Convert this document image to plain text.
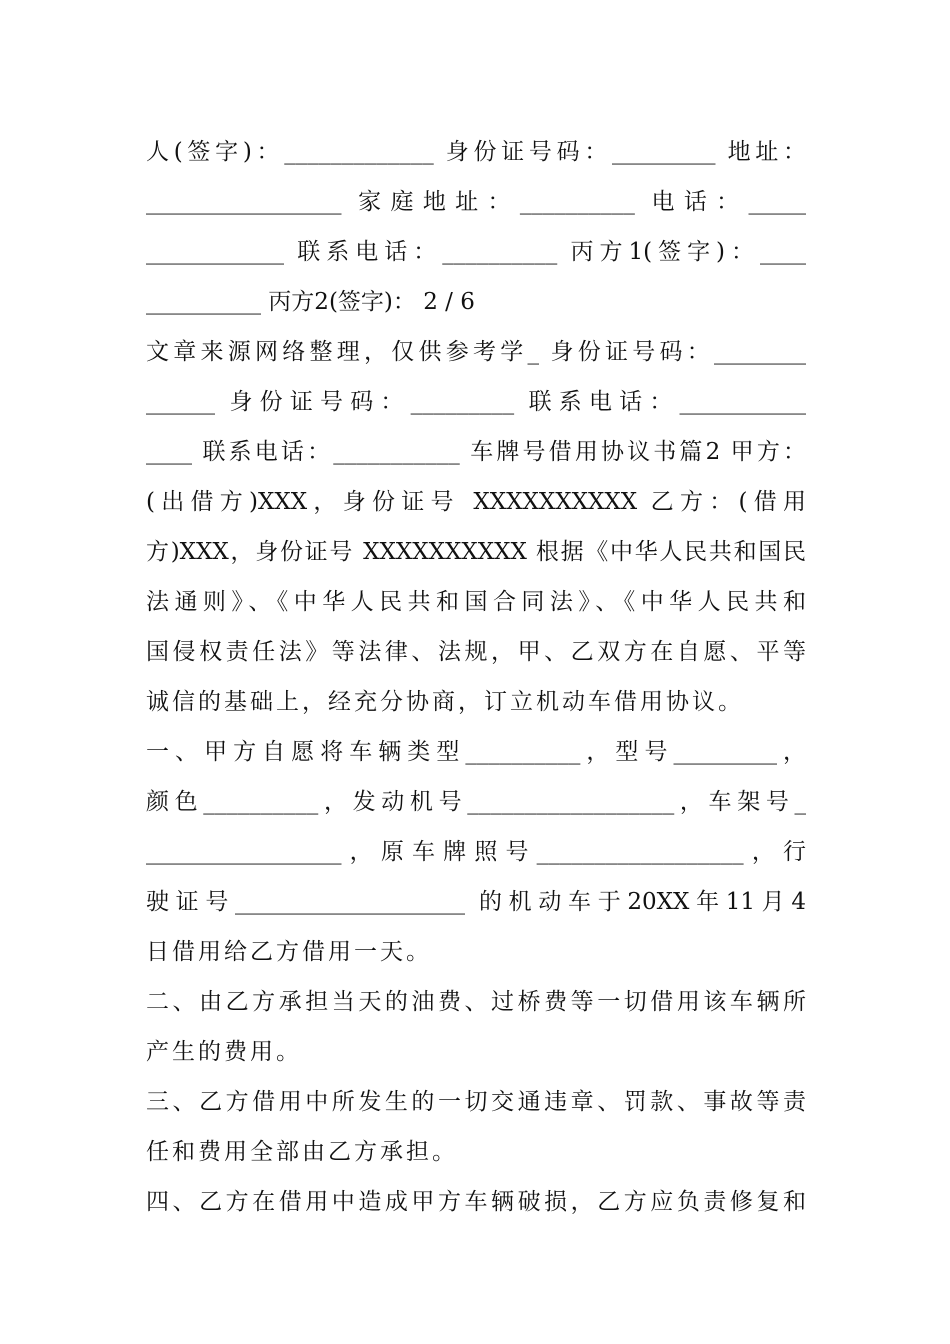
人(签字)：_____________ 身份证号码：_________ 地址：
_________________ 家庭地址：__________ 电话：_____
____________ 联系电话：__________ 丙方1(签字)：____
__________ 丙方2(签字)： 2 / 6
文章来源网络整理，仅供参考学_ 身份证号码：________
______ 身份证号码：_________ 联系电话：___________
____ 联系电话：___________ 车牌号借用协议书篇2 甲方：
(出借方)XXX，身份证号 XXXXXXXXXX 乙方：(借用
方)XXX，身份证号 XXXXXXXXXX 根据《中华人民共和国民
法通则》、《中华人民共和国合同法》、《中华人民共和
国侵权责任法》等法律、法规，甲、乙双方在自愿、平等
诚信的基础上，经充分协商，订立机动车借用协议。
一、甲方自愿将车辆类型__________，型号_________，
颜色__________，发动机号__________________，车架号_
_________________，原车牌照号__________________，行
驶证号____________________ 的机动车于20XX年11月4
日借用给乙方借用一天。
二、由乙方承担当天的油费、过桥费等一切借用该车辆所
产生的费用。
三、乙方借用中所发生的一切交通违章、罚款、事故等责
任和费用全部由乙方承担。
四、乙方在借用中造成甲方车辆破损，乙方应负责修复和
